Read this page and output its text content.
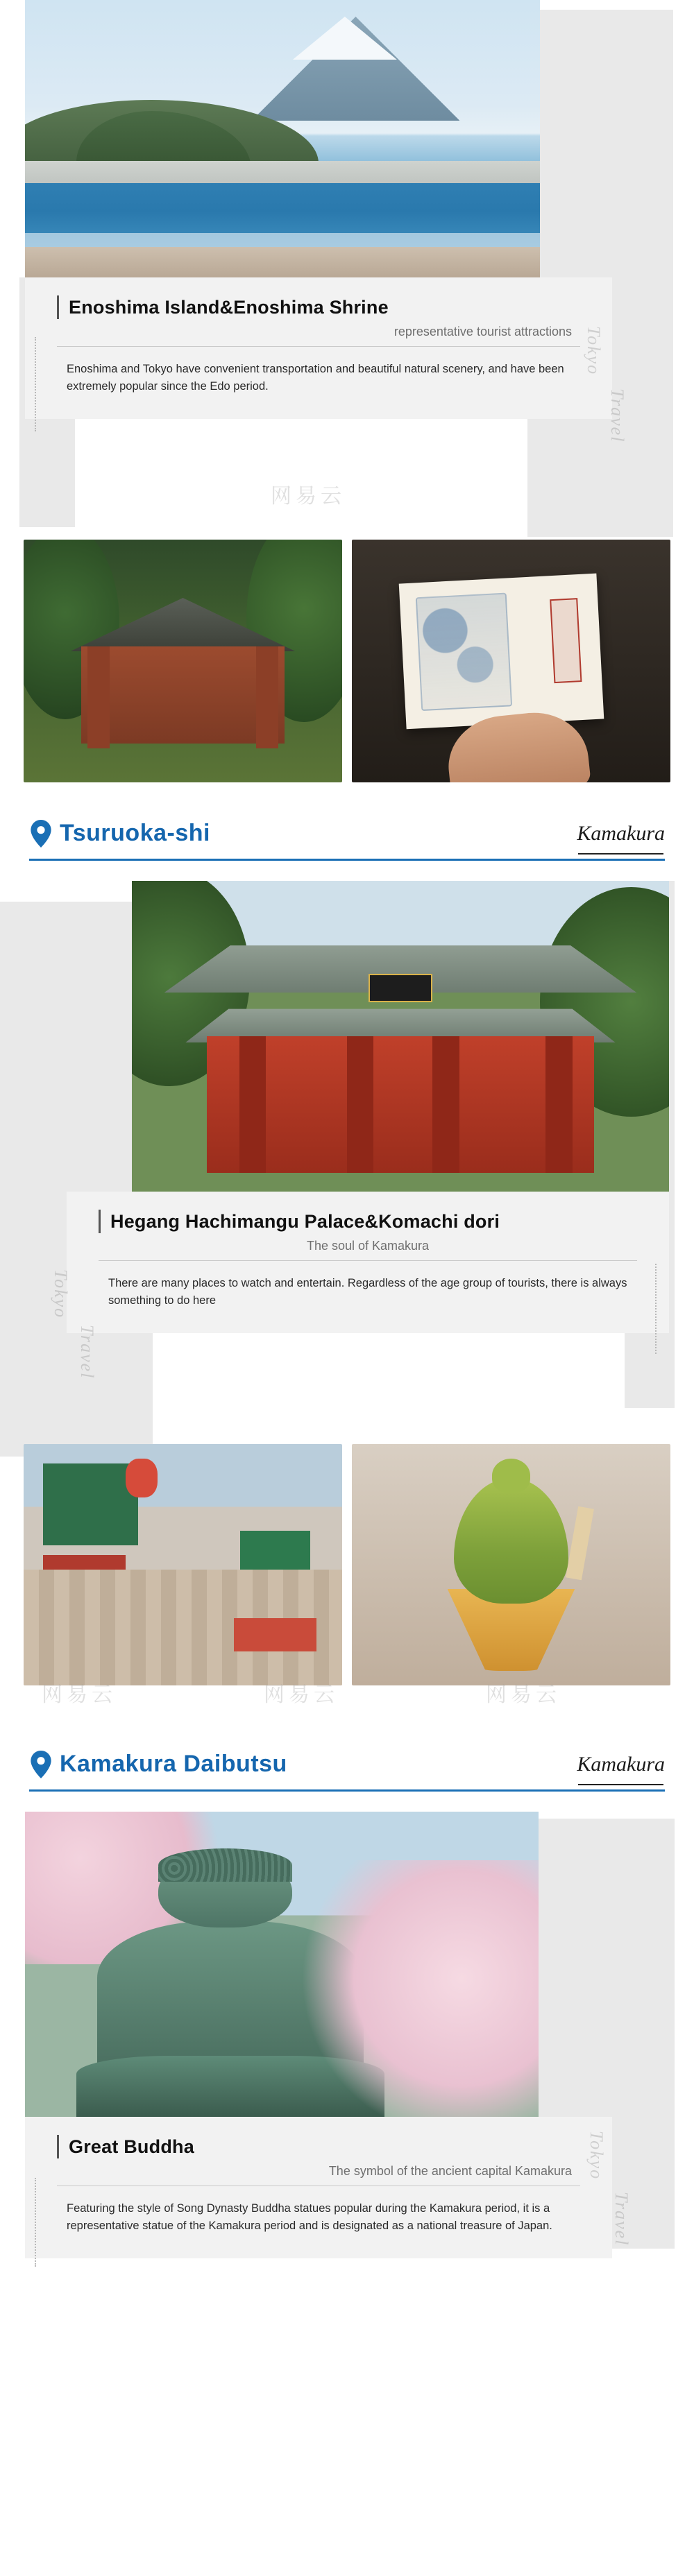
Enoshima Island&Enoshima Shrine
representative tourist attractions
Enoshima and Tokyo have convenient transportation and beautiful natural scenery, and have been extremely popular since the Edo period.
Tokyo
Travel
网易云
Tsuruoka-shi	Kamakura
Hegang Hachimangu Palace&Komachi dori
The soul of Kamakura
There are many places to watch and entertain. Regardless of the age group of tourists, there is always something to do here
Tokyo
Travel
网易云	网易云	网易云
Kamakura Daibutsu	Kamakura
Great Buddha
The symbol of the ancient capital Kamakura
Featuring the style of Song Dynasty Buddha statues popular during the Kamakura period, it is a representative statue of the Kamakura period and is designated as a national treasure of Japan.
Tokyo
Travel
